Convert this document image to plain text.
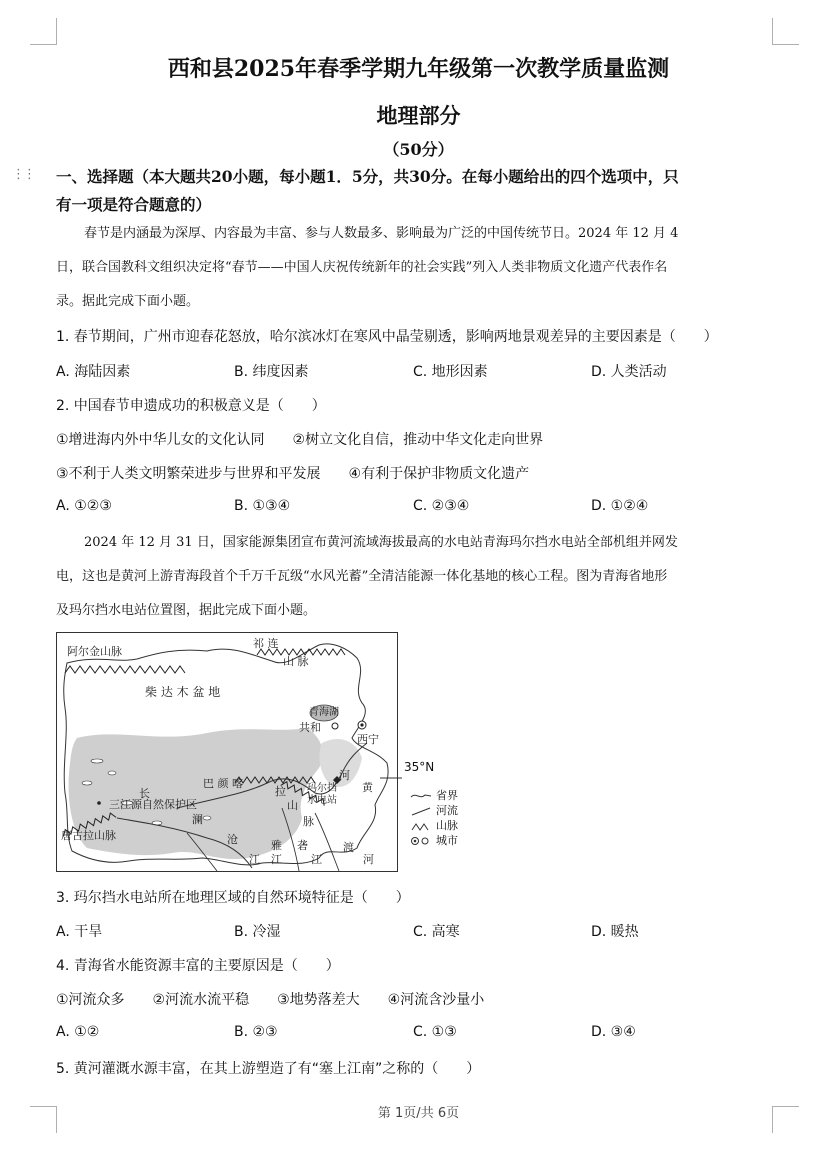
西和县2025年春季学期九年级第一次教学质量监测
地理部分
（50分）
⋮⋮ 一、选择题（本大题共20小题，每小题1．5分，共30分。在每小题给出的四个选项中，只
有一项是符合题意的）
春节是内涵最为深厚、内容最为丰富、参与人数最多、影响最为广泛的中国传统节日。2024 年 12 月 4
日，联合国教科文组织决定将“春节——中国人庆祝传统新年的社会实践”列入人类非物质文化遗产代表作名
录。据此完成下面小题。
1. 春节期间，广州市迎春花怒放，哈尔滨冰灯在寒风中晶莹剔透，影响两地景观差异的主要因素是（　　）
A. 海陆因素	B. 纬度因素	C. 地形因素	D. 人类活动
2. 中国春节申遗成功的积极意义是（　　）
①增进海内外中华儿女的文化认同　　②树立文化自信，推动中华文化走向世界
③不利于人类文明繁荣进步与世界和平发展　　④有利于保护非物质文化遗产
A. ①②③	B. ①③④	C. ②③④	D. ①②④
2024 年 12 月 31 日，国家能源集团宣布黄河流域海拔最高的水电站青海玛尔挡水电站全部机组并网发
电，这也是黄河上游青海段首个千万千瓦级“水风光蓄”全清洁能源一体化基地的核心工程。图为青海省地形
及玛尔挡水电站位置图，据此完成下面小题。
阿尔金山脉
祁 连
山 脉
柴 达 木 盆 地
青海湖
共和
西宁
河
黄
长
巴 颜 喀
拉
山
脉
玛尔挡
水电站
三江源自然保护区
澜
沧
江
雅 砻
江	江
渡
河
唐古拉山脉
35°N
省界
河流
山脉
城市
3. 玛尔挡水电站所在地理区域的自然环境特征是（　　）
A. 干旱	B. 冷湿	C. 高寒	D. 暖热
4. 青海省水能资源丰富的主要原因是（　　）
①河流众多　　②河流水流平稳　　③地势落差大　　④河流含沙量小
A. ①②	B. ②③	C. ①③	D. ③④
5. 黄河灌溉水源丰富，在其上游塑造了有“塞上江南”之称的（　　）
第 1页/共 6页
